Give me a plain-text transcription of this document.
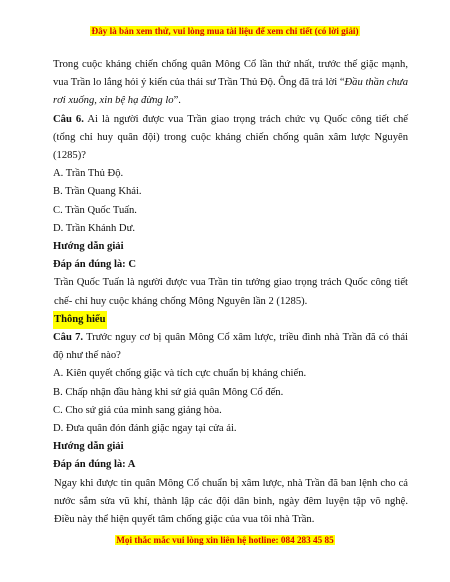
Đây là bản xem thử, vui lòng mua tài liệu để xem chi tiết (có lời giải)

Trong cuộc kháng chiến chống quân Mông Cổ lần thứ nhất, trước thế giặc mạnh, vua Trần lo lắng hỏi ý kiến của thái sư Trần Thủ Độ. Ông đã trả lời “Đầu thần chưa rơi xuống, xin bệ hạ đừng lo”.

Câu 6. Ai là người được vua Trần giao trọng trách chức vụ Quốc công tiết chế (tổng chỉ huy quân đội) trong cuộc kháng chiến chống quân xâm lược Nguyên (1285)?

A. Trần Thủ Độ.

B. Trần Quang Khải.

C. Trần Quốc Tuấn.

D. Trần Khánh Dư.

Hướng dẫn giải

Đáp án đúng là: C

Trần Quốc Tuấn là người được vua Trần tin tưởng giao trọng trách Quốc công tiết chế- chỉ huy cuộc kháng chống Mông Nguyên lần 2 (1285).

Thông hiểu

Câu 7. Trước nguy cơ bị quân Mông Cổ xâm lược, triều đình nhà Trần đã có thái độ như thế nào?

A. Kiên quyết chống giặc và tích cực chuẩn bị kháng chiến.

B. Chấp nhận đầu hàng khi sứ giả quân Mông Cổ đến.

C. Cho sứ giả của mình sang giảng hòa.

D. Đưa quân đón đánh giặc ngay tại cửa ải.

Hướng dẫn giải

Đáp án đúng là: A

Ngay khi được tin quân Mông Cổ chuẩn bị xâm lược, nhà Trần đã ban lệnh cho cả nước sắm sửa vũ khí, thành lập các đội dân binh, ngày đêm luyện tập võ nghệ. Điều này thể hiện quyết tâm chống giặc của vua tôi nhà Trần.

Mọi thắc mắc vui lòng xin liên hệ hotline: 084 283 45 85
